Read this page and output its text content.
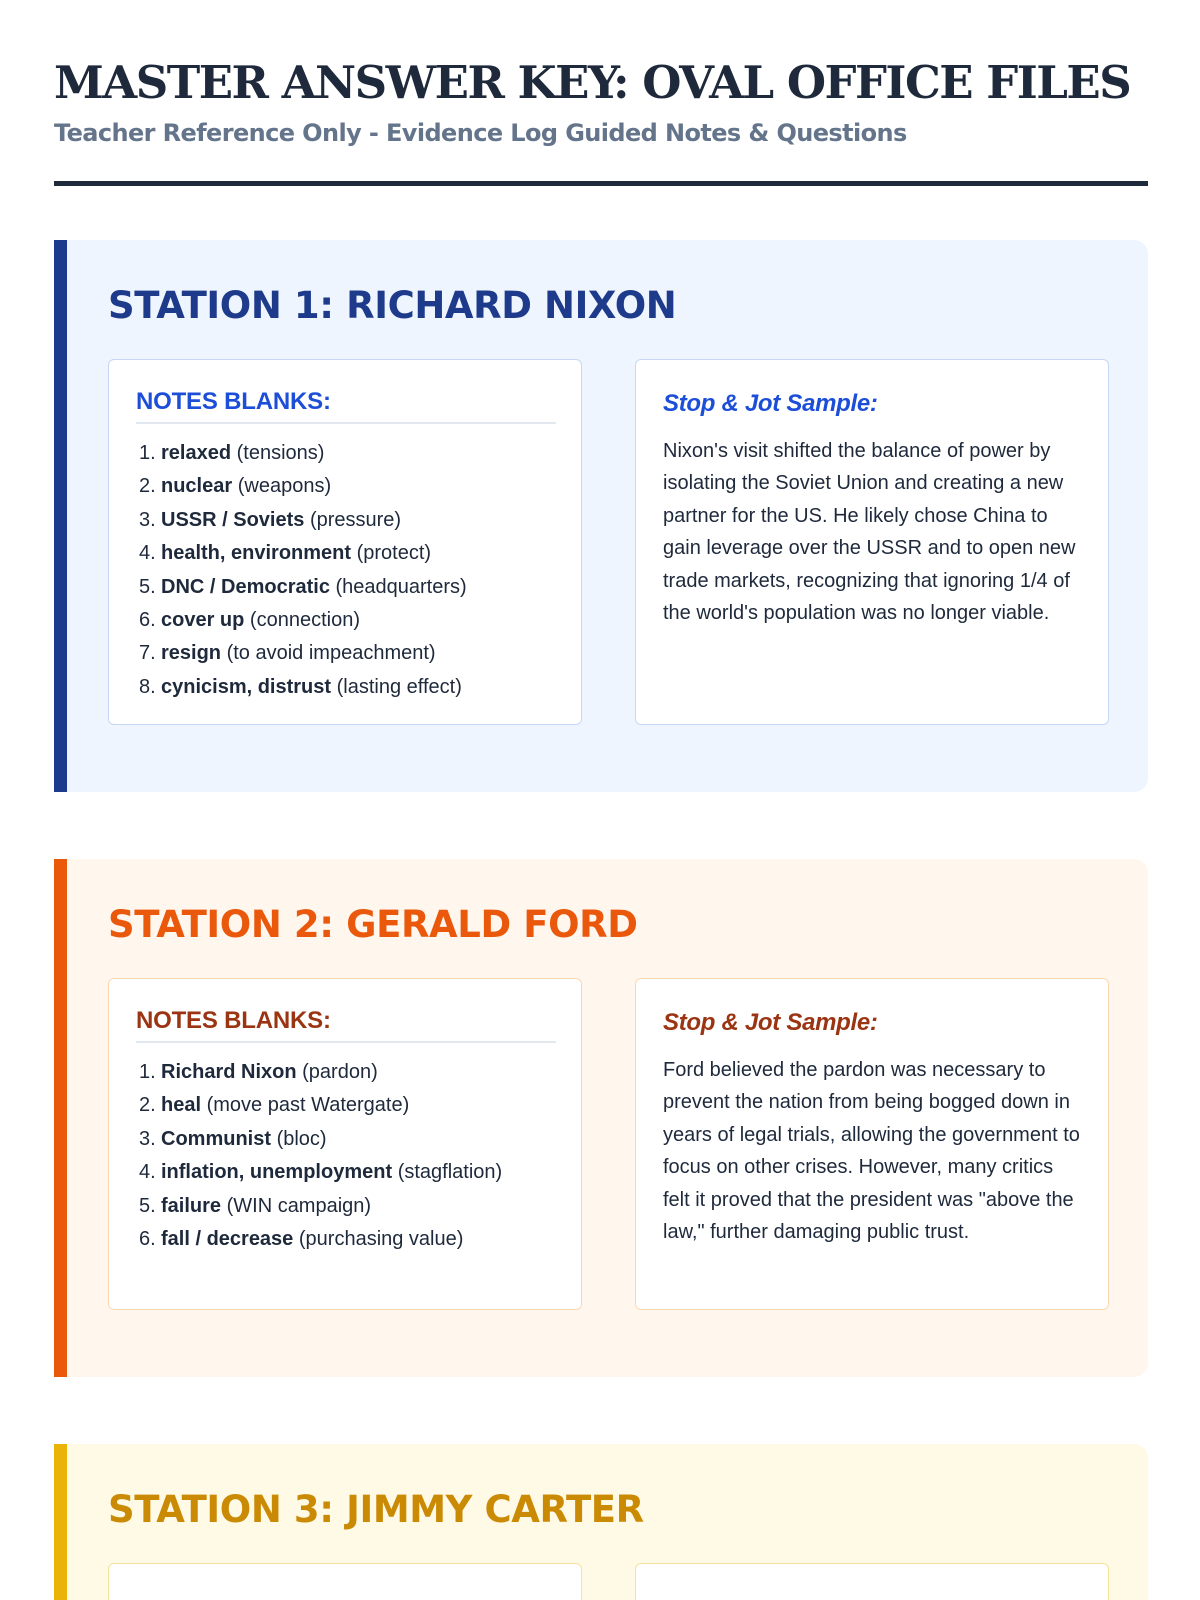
MASTER ANSWER KEY: OVAL OFFICE FILES
Teacher Reference Only - Evidence Log Guided Notes & Questions
STATION 1: RICHARD NIXON
NOTES BLANKS:
1. relaxed (tensions)
2. nuclear (weapons)
3. USSR / Soviets (pressure)
4. health, environment (protect)
5. DNC / Democratic (headquarters)
6. cover up (connection)
7. resign (to avoid impeachment)
8. cynicism, distrust (lasting effect)
Stop & Jot Sample:

Nixon's visit shifted the balance of power by isolating the Soviet Union and creating a new partner for the US. He likely chose China to gain leverage over the USSR and to open new trade markets, recognizing that ignoring 1/4 of the world's population was no longer viable.

STATION 2: GERALD FORD
NOTES BLANKS:
1. Richard Nixon (pardon)
2. heal (move past Watergate)
3. Communist (bloc)
4. inflation, unemployment (stagflation)
5. failure (WIN campaign)
6. fall / decrease (purchasing value)
Stop & Jot Sample:

Ford believed the pardon was necessary to prevent the nation from being bogged down in years of legal trials, allowing the government to focus on other crises. However, many critics felt it proved that the president was "above the law," further damaging public trust.

STATION 3: JIMMY CARTER
